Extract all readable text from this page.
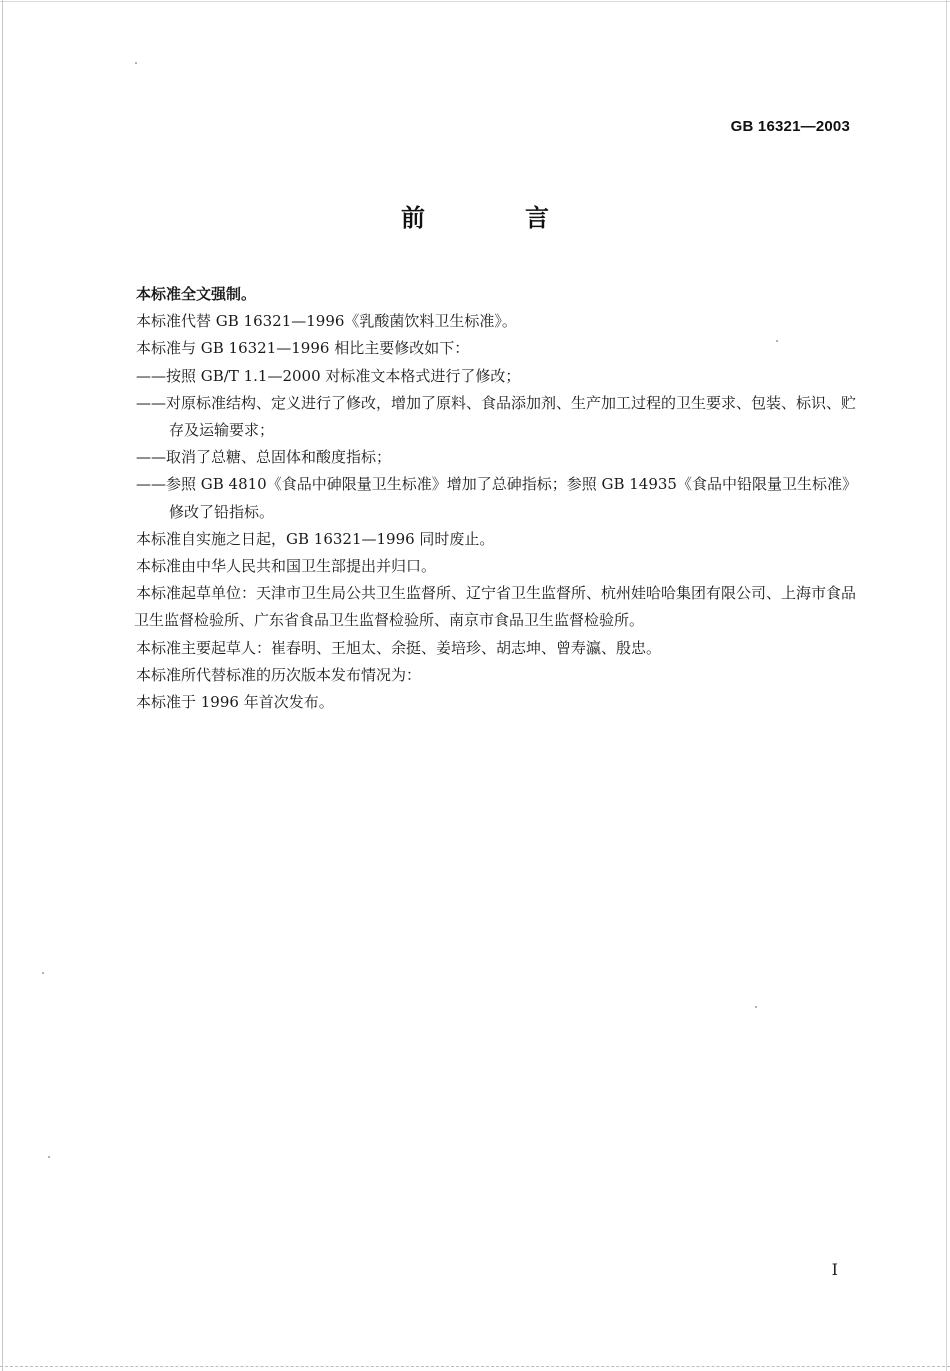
GB 16321—2003
前　言

本标准全文强制。

本标准代替 GB 16321—1996《乳酸菌饮料卫生标准》。

本标准与 GB 16321—1996 相比主要修改如下：

——按照 GB/T 1.1—2000 对标准文本格式进行了修改；

——对原标准结构、定义进行了修改，增加了原料、食品添加剂、生产加工过程的卫生要求、包装、标识、贮存及运输要求；

——取消了总糖、总固体和酸度指标；

——参照 GB 4810《食品中砷限量卫生标准》增加了总砷指标；参照 GB 14935《食品中铅限量卫生标准》修改了铅指标。

本标准自实施之日起，GB 16321—1996 同时废止。

本标准由中华人民共和国卫生部提出并归口。

本标准起草单位：天津市卫生局公共卫生监督所、辽宁省卫生监督所、杭州娃哈哈集团有限公司、上海市食品卫生监督检验所、广东省食品卫生监督检验所、南京市食品卫生监督检验所。

本标准主要起草人：崔春明、王旭太、余挺、姜培珍、胡志坤、曾寿瀛、殷忠。

本标准所代替标准的历次版本发布情况为：

本标准于 1996 年首次发布。

I
